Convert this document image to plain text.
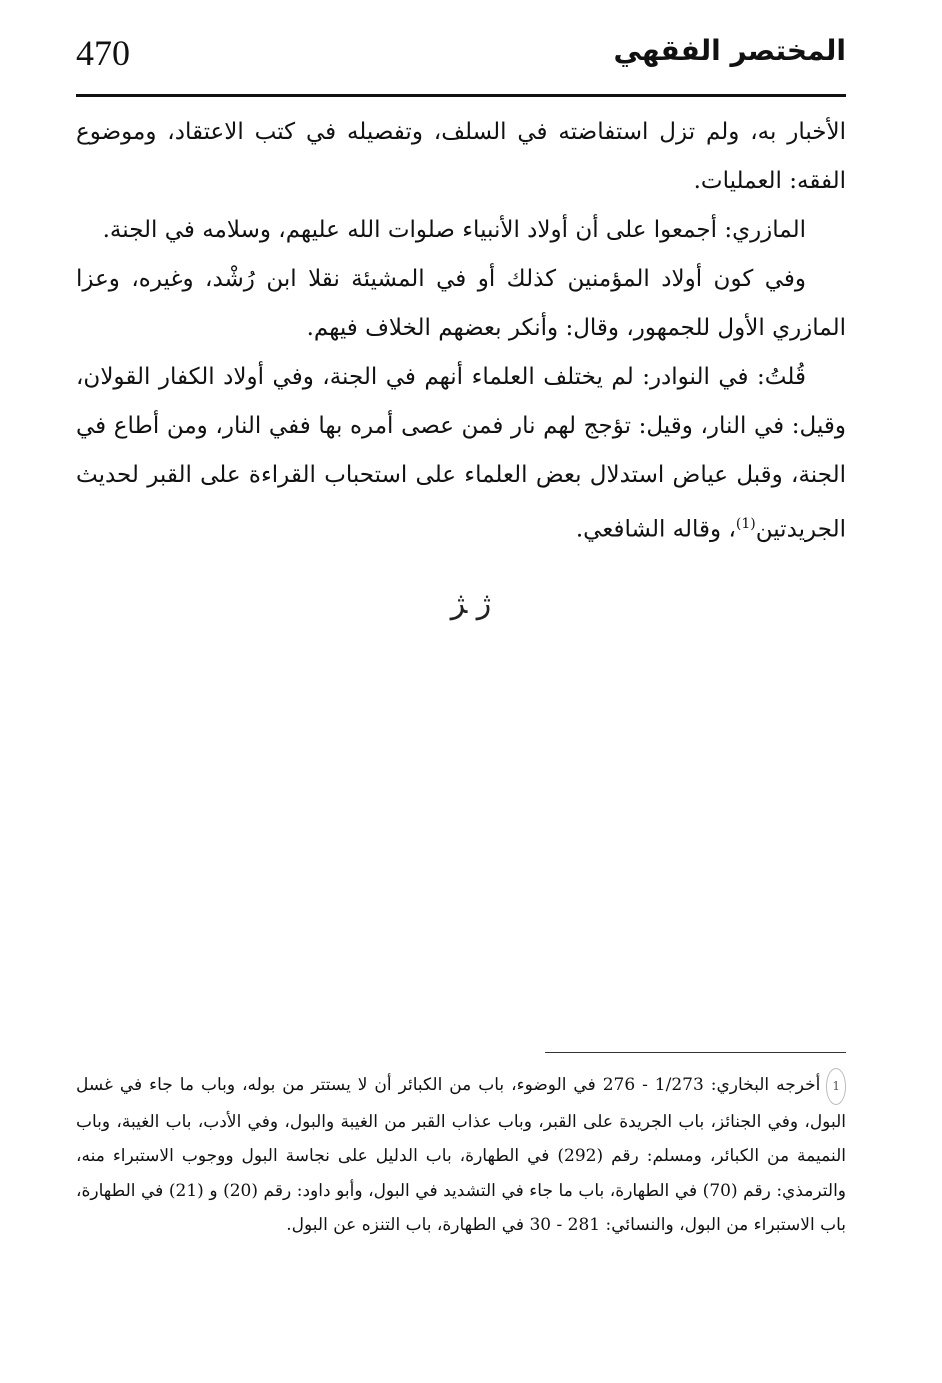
470	المختصر الفقهي

الأخبار به، ولم تزل استفاضته في السلف، وتفصيله في كتب الاعتقاد، وموضوع الفقه: العمليات.

المازري: أجمعوا على أن أولاد الأنبياء صلوات الله عليهم، وسلامه في الجنة.

وفي كون أولاد المؤمنين كذلك أو في المشيئة نقلا ابن رُشْد، وغيره، وعزا المازري الأول للجمهور، وقال: وأنكر بعضهم الخلاف فيهم.

قُلتُ: في النوادر: لم يختلف العلماء أنهم في الجنة، وفي أولاد الكفار القولان، وقيل: في النار، وقيل: تؤجج لهم نار فمن عصى أمره بها ففي النار، ومن أطاع في الجنة، وقبل عياض استدلال بعض العلماء على استحباب القراءة على القبر لحديث الجريدتين$^{(1)}$، وقاله الشافعي.

ﮊ ﮋ
1أخرجه البخاري: 1/273 - 276 في الوضوء، باب من الكبائر أن لا يستتر من بوله، وباب ما جاء في غسل البول، وفي الجنائز، باب الجريدة على القبر، وباب عذاب القبر من الغيبة والبول، وفي الأدب، باب الغيبة، وباب النميمة من الكبائر، ومسلم: رقم (292) في الطهارة، باب الدليل على نجاسة البول ووجوب الاستبراء منه، والترمذي: رقم (70) في الطهارة، باب ما جاء في التشديد في البول، وأبو داود: رقم (20) و (21) في الطهارة، باب الاستبراء من البول، والنسائي: 281 - 30 في الطهارة، باب التنزه عن البول.
